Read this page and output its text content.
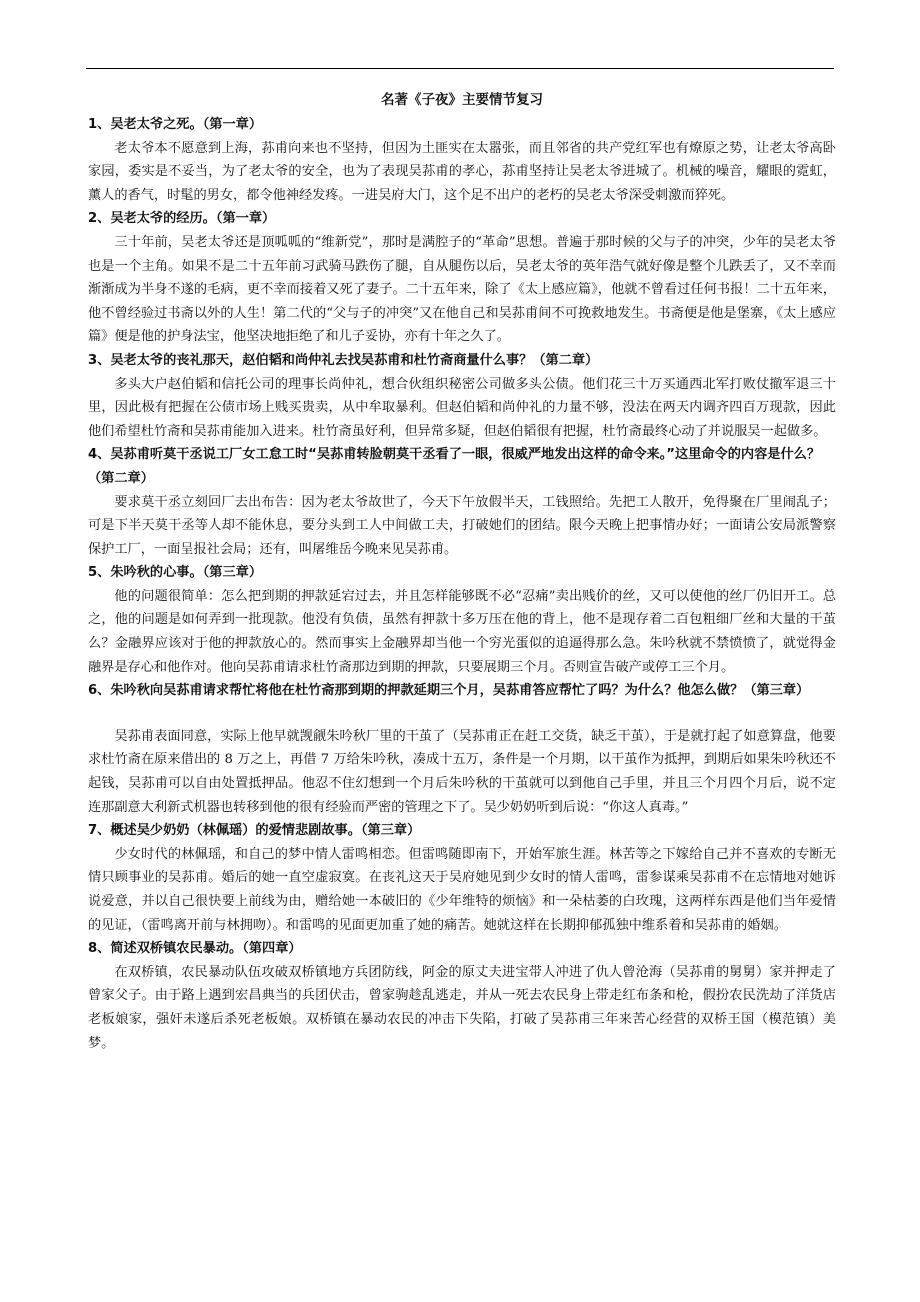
名著《子夜》主要情节复习
1、吴老太爷之死。（第一章）

老太爷本不愿意到上海，荪甫向来也不坚持，但因为土匪实在太嚣张，而且邻省的共产党红军也有燎原之势，让老太爷高卧家园，委实是不妥当，为了老太爷的安全，也为了表现吴荪甫的孝心，荪甫坚持让吴老太爷进城了。机械的噪音，耀眼的霓虹，薰人的香气，时髦的男女，都令他神经发疼。一进吴府大门，这个足不出户的老朽的吴老太爷深受刺激而猝死。

2、吴老太爷的经历。（第一章）

三十年前，吴老太爷还是顶呱呱的“维新党”，那时是满腔子的“革命”思想。普遍于那时候的父与子的冲突，少年的吴老太爷也是一个主角。如果不是二十五年前习武骑马跌伤了腿，自从腿伤以后，吴老太爷的英年浩气就好像是整个儿跌丢了，又不幸而渐渐成为半身不遂的毛病，更不幸而接着又死了妻子。二十五年来，除了《太上感应篇》，他就不曾看过任何书报！二十五年来，他不曾经验过书斋以外的人生！第二代的“父与子的冲突”又在他自己和吴荪甫间不可挽救地发生。书斋便是他是堡寨，《太上感应篇》便是他的护身法宝，他坚决地拒绝了和儿子妥协，亦有十年之久了。

3、吴老太爷的丧礼那天，赵伯韬和尚仲礼去找吴荪甫和杜竹斋商量什么事？（第二章）

多头大户赵伯韬和信托公司的理事长尚仲礼，想合伙组织秘密公司做多头公债。他们花三十万买通西北军打败仗撤军退三十里，因此极有把握在公债市场上贱买贵卖，从中牟取暴利。但赵伯韬和尚仲礼的力量不够，没法在两天内调齐四百万现款，因此他们希望杜竹斋和吴荪甫能加入进来。杜竹斋虽好利，但异常多疑，但赵伯韬很有把握，杜竹斋最终心动了并说服吴一起做多。

4、吴荪甫听莫干丞说工厂女工怠工时“吴荪甫转脸朝莫干丞看了一眼，很威严地发出这样的命令来。”这里命令的内容是什么？（第二章）

要求莫干丞立刻回厂去出布告：因为老太爷故世了，今天下午放假半天，工钱照给。先把工人散开，免得聚在厂里闹乱子；可是下半天莫干丞等人却不能休息，要分头到工人中间做工夫，打破她们的团结。限今天晚上把事情办好；一面请公安局派警察保护工厂，一面呈报社会局；还有，叫屠维岳今晚来见吴荪甫。

5、朱吟秋的心事。（第三章）

他的问题很简单：怎么把到期的押款延宕过去，并且怎样能够既不必“忍痛”卖出贱价的丝，又可以使他的丝厂仍旧开工。总之，他的问题是如何弄到一批现款。他没有负债，虽然有押款十多万压在他的背上，他不是现存着二百包粗细厂丝和大量的干茧么？金融界应该对于他的押款放心的。然而事实上金融界却当他一个穷光蛋似的追逼得那么急。朱吟秋就不禁愤愤了，就觉得金融界是存心和他作对。他向吴荪甫请求杜竹斋那边到期的押款，只要展期三个月。否则宣告破产或停工三个月。

6、朱吟秋向吴荪甫请求帮忙将他在杜竹斋那到期的押款延期三个月，吴荪甫答应帮忙了吗？为什么？他怎么做？（第三章）

吴荪甫表面同意，实际上他早就觊觎朱吟秋厂里的干茧了（吴荪甫正在赶工交货，缺乏干茧），于是就打起了如意算盘，他要求杜竹斋在原来借出的 8 万之上，再借 7 万给朱吟秋，凑成十五万，条件是一个月期，以干茧作为抵押，到期后如果朱吟秋还不起钱，吴荪甫可以自由处置抵押品。他忍不住幻想到一个月后朱吟秋的干茧就可以到他自己手里，并且三个月四个月后，说不定连那副意大利新式机器也转移到他的很有经验而严密的管理之下了。吴少奶奶听到后说：“你这人真毒。”

7、概述吴少奶奶（林佩瑶）的爱情悲剧故事。（第三章）

少女时代的林佩瑶，和自己的梦中情人雷鸣相恋。但雷鸣随即南下，开始军旅生涯。林苦等之下嫁给自己并不喜欢的专断无情只顾事业的吴荪甫。婚后的她一直空虚寂寞。在丧礼这天于吴府她见到少女时的情人雷鸣，雷参谋乘吴荪甫不在忘情地对她诉说爱意，并以自己很快要上前线为由，赠给她一本破旧的《少年维特的烦恼》和一朵枯萎的白玫瑰，这两样东西是他们当年爱情的见证，（雷鸣离开前与林拥吻）。和雷鸣的见面更加重了她的痛苦。她就这样在长期抑郁孤独中维系着和吴荪甫的婚姻。

8、简述双桥镇农民暴动。（第四章）

在双桥镇，农民暴动队伍攻破双桥镇地方兵团防线，阿金的原丈夫进宝带人冲进了仇人曾沧海（吴荪甫的舅舅）家并押走了曾家父子。由于路上遇到宏昌典当的兵团伏击，曾家驹趁乱逃走，并从一死去农民身上带走红布条和枪，假扮农民洗劫了洋货店老板娘家，强奸未遂后杀死老板娘。双桥镇在暴动农民的冲击下失陷，打破了吴荪甫三年来苦心经营的双桥王国（模范镇）美梦。
